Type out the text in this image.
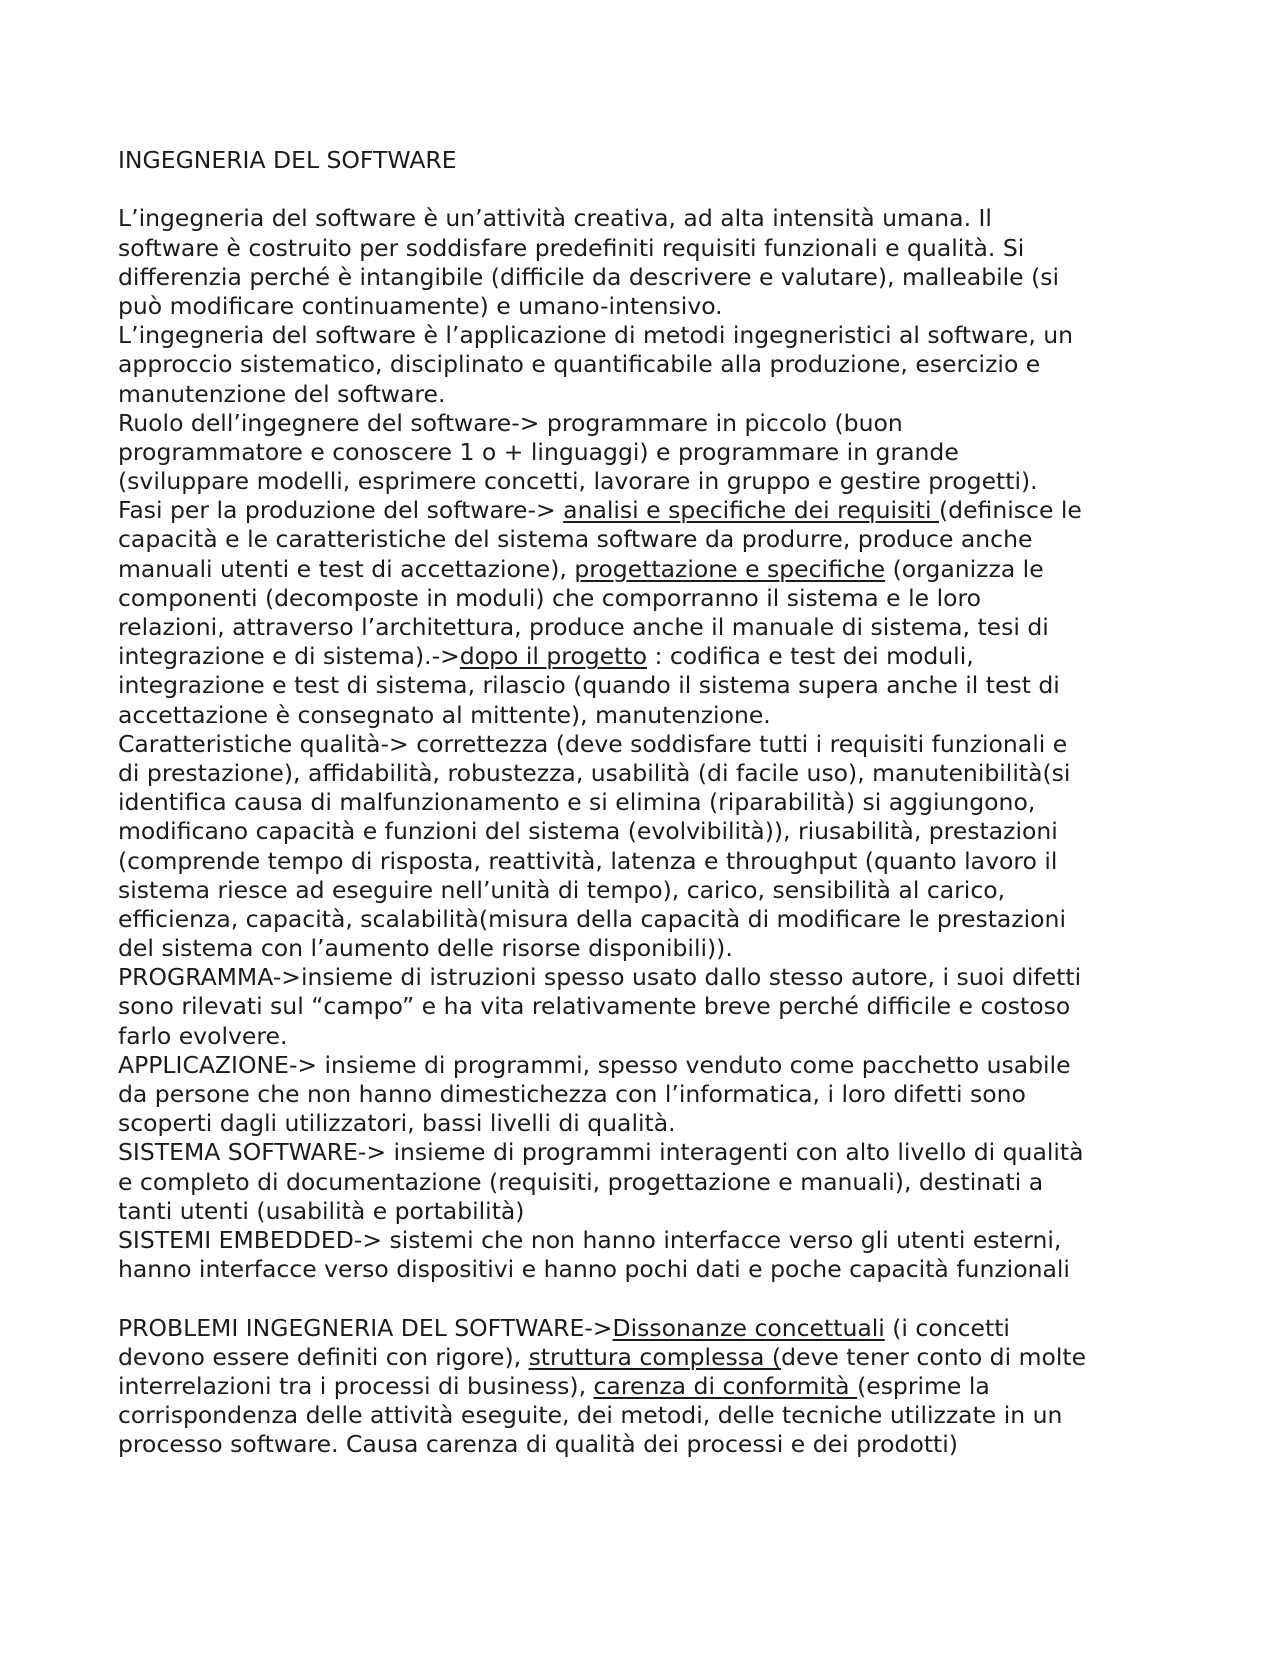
INGEGNERIA DEL SOFTWARE
L’ingegneria del software è un’attività creativa, ad alta intensità umana. Il
software è costruito per soddisfare predefiniti requisiti funzionali e qualità. Si
differenzia perché è intangibile (difficile da descrivere e valutare), malleabile (si
può modificare continuamente) e umano-intensivo.
L’ingegneria del software è l’applicazione di metodi ingegneristici al software, un
approccio sistematico, disciplinato e quantificabile alla produzione, esercizio e
manutenzione del software.
Ruolo dell’ingegnere del software-> programmare in piccolo (buon
programmatore e conoscere 1 o + linguaggi) e programmare in grande
(sviluppare modelli, esprimere concetti, lavorare in gruppo e gestire progetti).
Fasi per la produzione del software-> analisi e specifiche dei requisiti (definisce le
capacità e le caratteristiche del sistema software da produrre, produce anche
manuali utenti e test di accettazione), progettazione e specifiche (organizza le
componenti (decomposte in moduli) che comporranno il sistema e le loro
relazioni, attraverso l’architettura, produce anche il manuale di sistema, tesi di
integrazione e di sistema).->dopo il progetto : codifica e test dei moduli,
integrazione e test di sistema, rilascio (quando il sistema supera anche il test di
accettazione è consegnato al mittente), manutenzione.
Caratteristiche qualità-> correttezza (deve soddisfare tutti i requisiti funzionali e
di prestazione), affidabilità, robustezza, usabilità (di facile uso), manutenibilità(si
identifica causa di malfunzionamento e si elimina (riparabilità) si aggiungono,
modificano capacità e funzioni del sistema (evolvibilità)), riusabilità, prestazioni
(comprende tempo di risposta, reattività, latenza e throughput (quanto lavoro il
sistema riesce ad eseguire nell’unità di tempo), carico, sensibilità al carico,
efficienza, capacità, scalabilità(misura della capacità di modificare le prestazioni
del sistema con l’aumento delle risorse disponibili)).
PROGRAMMA->insieme di istruzioni spesso usato dallo stesso autore, i suoi difetti
sono rilevati sul “campo” e ha vita relativamente breve perché difficile e costoso
farlo evolvere.
APPLICAZIONE-> insieme di programmi, spesso venduto come pacchetto usabile
da persone che non hanno dimestichezza con l’informatica, i loro difetti sono
scoperti dagli utilizzatori, bassi livelli di qualità.
SISTEMA SOFTWARE-> insieme di programmi interagenti con alto livello di qualità
e completo di documentazione (requisiti, progettazione e manuali), destinati a
tanti utenti (usabilità e portabilità)
SISTEMI EMBEDDED-> sistemi che non hanno interfacce verso gli utenti esterni,
hanno interfacce verso dispositivi e hanno pochi dati e poche capacità funzionali
PROBLEMI INGEGNERIA DEL SOFTWARE->Dissonanze concettuali (i concetti
devono essere definiti con rigore), struttura complessa (deve tener conto di molte
interrelazioni tra i processi di business), carenza di conformità (esprime la
corrispondenza delle attività eseguite, dei metodi, delle tecniche utilizzate in un
processo software. Causa carenza di qualità dei processi e dei prodotti)
